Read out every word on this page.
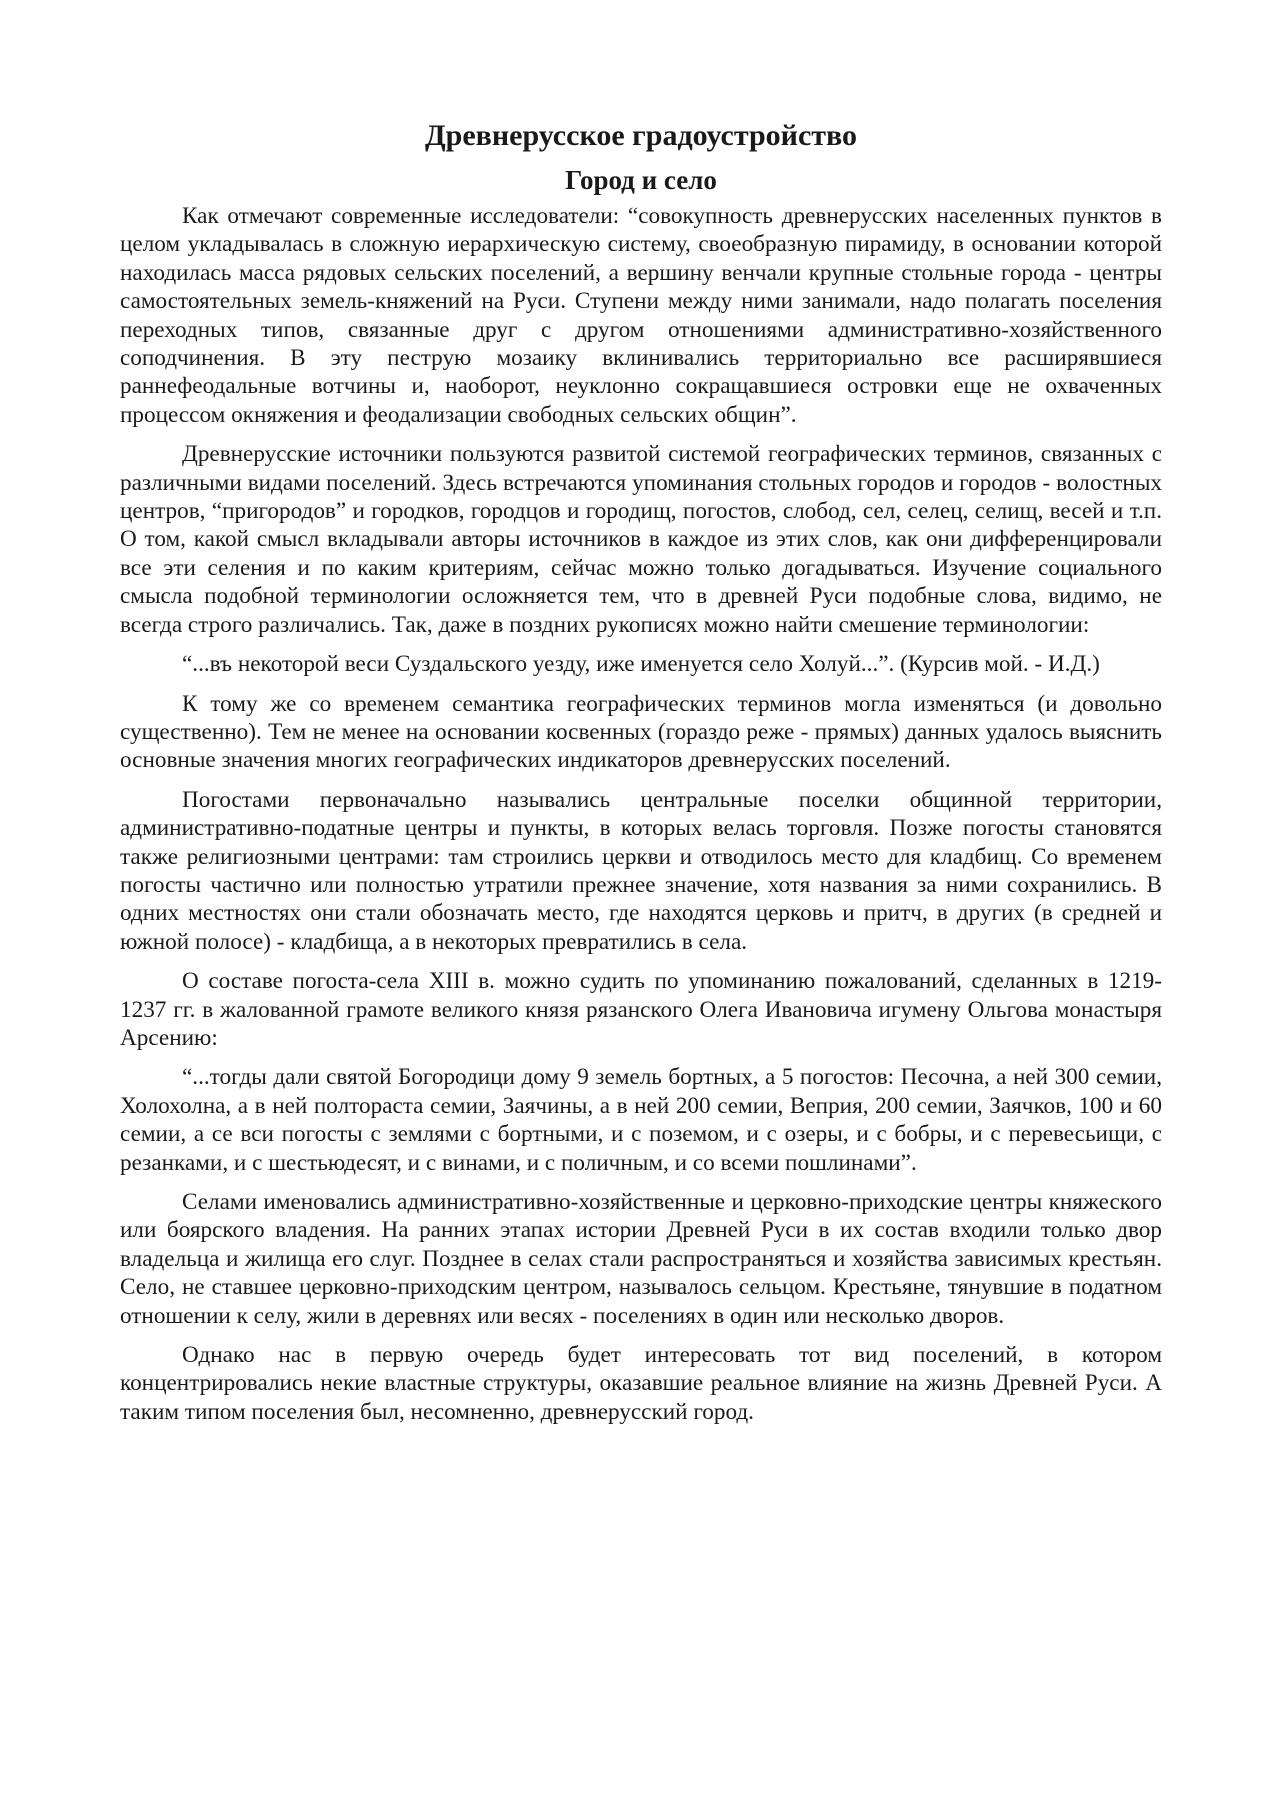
Древнерусское градоустройство
Город и село

Как отмечают современные исследователи: “совокупность древнерусских населенных пунктов в целом укладывалась в сложную иерархическую систему, своеобразную пирамиду, в основании которой находилась масса рядовых сельских поселений, а вершину венчали крупные стольные города - центры самостоятельных земель-княжений на Руси. Ступени между ними занимали, надо полагать поселения переходных типов, связанные друг с другом отношениями административно-хозяйственного соподчинения. В эту пеструю мозаику вклинивались территориально все расширявшиеся раннефеодальные вотчины и, наоборот, неуклонно сокращавшиеся островки еще не охваченных процессом окняжения и феодализации свободных сельских общин”.

Древнерусские источники пользуются развитой системой географических терминов, связанных с различными видами поселений. Здесь встречаются упоминания стольных городов и городов - волостных центров, “пригородов” и городков, городцов и городищ, погостов, слобод, сел, селец, селищ, весей и т.п. О том, какой смысл вкладывали авторы источников в каждое из этих слов, как они дифференцировали все эти селения и по каким критериям, сейчас можно только догадываться. Изучение социального смысла подобной терминологии осложняется тем, что в древней Руси подобные слова, видимо, не всегда строго различались. Так, даже в поздних рукописях можно найти смешение терминологии:

“...въ некоторой веси Суздальского уезду, иже именуется село Холуй...”. (Курсив мой. - И.Д.)

К тому же со временем семантика географических терминов могла изменяться (и довольно существенно). Тем не менее на основании косвенных (гораздо реже - прямых) данных удалось выяснить основные значения многих географических индикаторов древнерусских поселений.

Погостами первоначально назывались центральные поселки общинной территории, административно-податные центры и пункты, в которых велась торговля. Позже погосты становятся также религиозными центрами: там строились церкви и отводилось место для кладбищ. Со временем погосты частично или полностью утратили прежнее значение, хотя названия за ними сохранились. В одних местностях они стали обозначать место, где находятся церковь и притч, в других (в средней и южной полосе) - кладбища, а в некоторых превратились в села.

О составе погоста-села XIII в. можно судить по упоминанию пожалований, сделанных в 1219-1237 гг. в жалованной грамоте великого князя рязанского Олега Ивановича игумену Ольгова монастыря Арсению:

“...тогды дали святой Богородици дому 9 земель бортных, а 5 погостов: Песочна, а ней 300 семии, Холохолна, а в ней полтораста семии, Заячины, а в ней 200 семии, Веприя, 200 семии, Заячков, 100 и 60 семии, а се вси погосты с землями с бортными, и с поземом, и с озеры, и с бобры, и с перевесьищи, с резанками, и с шестьюдесят, и с винами, и с поличным, и со всеми пошлинами”.

Селами именовались административно-хозяйственные и церковно-приходские центры княжеского или боярского владения. На ранних этапах истории Древней Руси в их состав входили только двор владельца и жилища его слуг. Позднее в селах стали распространяться и хозяйства зависимых крестьян. Село, не ставшее церковно-приходским центром, называлось сельцом. Крестьяне, тянувшие в податном отношении к селу, жили в деревнях или весях - поселениях в один или несколько дворов.

Однако нас в первую очередь будет интересовать тот вид поселений, в котором концентрировались некие властные структуры, оказавшие реальное влияние на жизнь Древней Руси. А таким типом поселения был, несомненно, древнерусский город.
